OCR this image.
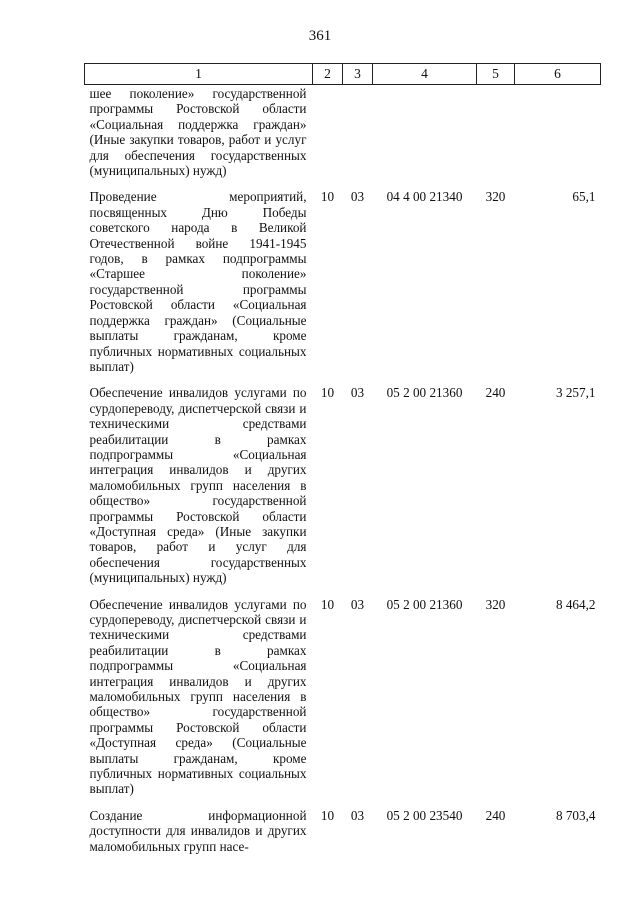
361
1	2	3	4	5	6
шее поколение» государственной программы Ростовской области «Социальная поддержка граждан» (Иные закупки товаров, работ и услуг для обеспечения государственных (муниципальных) нужд)					
Проведение мероприятий, посвященных Дню Победы советского народа в Великой Отечественной войне 1941-1945 годов, в рамках подпрограммы «Старшее поколение» государственной программы Ростовской области «Социальная поддержка граждан» (Социальные выплаты гражданам, кроме публичных нормативных социальных выплат)	10	03	04 4 00 21340	320	65,1
Обеспечение инвалидов услугами по сурдопереводу, диспетчерской связи и техническими средствами реабилитации в рамках подпрограммы «Социальная интеграция инвалидов и других маломобильных групп населения в общество» государственной программы Ростовской области «Доступная среда» (Иные закупки товаров, работ и услуг для обеспечения государственных (муниципальных) нужд)	10	03	05 2 00 21360	240	3 257,1
Обеспечение инвалидов услугами по сурдопереводу, диспетчерской связи и техническими средствами реабилитации в рамках подпрограммы «Социальная интеграция инвалидов и других маломобильных групп населения в общество» государственной программы Ростовской области «Доступная среда» (Социальные выплаты гражданам, кроме публичных нормативных социальных выплат)	10	03	05 2 00 21360	320	8 464,2
Создание информационной доступности для инвалидов и других маломобильных групп насе-	10	03	05 2 00 23540	240	8 703,4
